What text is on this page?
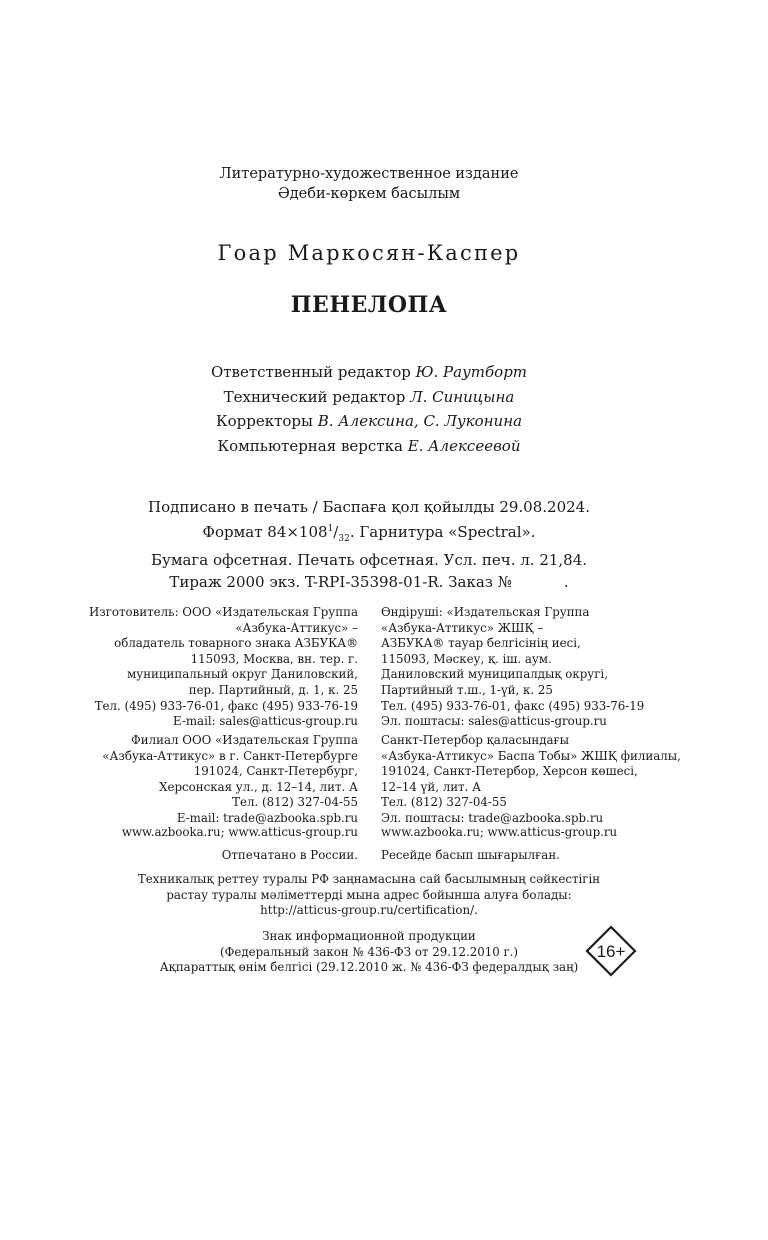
Литературно-художественное издание
Әдеби-көркем басылым
Гоар Маркосян-Каспер
ПЕНЕЛОПА
Ответственный редактор Ю. Раутборт
Технический редактор Л. Синицына
Корректоры В. Алексина, С. Луконина
Компьютерная верстка Е. Алексеевой
Подписано в печать / Баспаға қол қойылды 29.08.2024.
Формат $84\times 108^1/_{32}$. Гарнитура «Spectral».
Бумага офсетная. Печать офсетная. Усл. печ. л. 21,84.
Тираж 2000 экз. T-RPI-35398-01-R. Заказ №	.
Изготовитель: ООО «Издательская Группа
«Азбука-Аттикус» –
обладатель товарного знака АЗБУКА®
115093, Москва, вн. тер. г.
муниципальный округ Даниловский,
пер. Партийный, д. 1, к. 25
Тел. (495) 933-76-01, факс (495) 933-76-19
E-mail: sales@atticus-group.ru
Өндіруші: «Издательская Группа
«Азбука-Аттикус» ЖШҚ –
АЗБУКА® тауар белгісінің иесі,
115093, Мәскеу, қ. іш. аум.
Даниловский муниципалдық округі,
Партийный т.ш., 1-үй, к. 25
Тел. (495) 933-76-01, факс (495) 933-76-19
Эл. поштасы: sales@atticus-group.ru
Филиал ООО «Издательская Группа
«Азбука-Аттикус» в г. Санкт-Петербурге
191024, Санкт-Петербург,
Херсонская ул., д. 12–14, лит. А
Тел. (812) 327-04-55
E-mail: trade@azbooka.spb.ru
Санкт-Петербор қаласындағы
«Азбука-Аттикус» Баспа Тобы» ЖШҚ филиалы,
191024, Санкт-Петербор, Херсон көшесі,
12–14 үй, лит. А
Тел. (812) 327-04-55
Эл. поштасы: trade@azbooka.spb.ru
www.azbooka.ru; www.atticus-group.ru www.azbooka.ru; www.atticus-group.ru
Отпечатано в России. Ресейде басып шығарылған.
Техникалық реттеу туралы РФ заңнамасына сай басылымның сәйкестігін
растау туралы мәліметтерді мына адрес бойынша алуға болады:
http://atticus-group.ru/certification/.
Знак информационной продукции
(Федеральный закон № 436-ФЗ от 29.12.2010 г.)
Ақпараттық өнім белгісі (29.12.2010 ж. № 436-ФЗ федералдық заң)
16+
